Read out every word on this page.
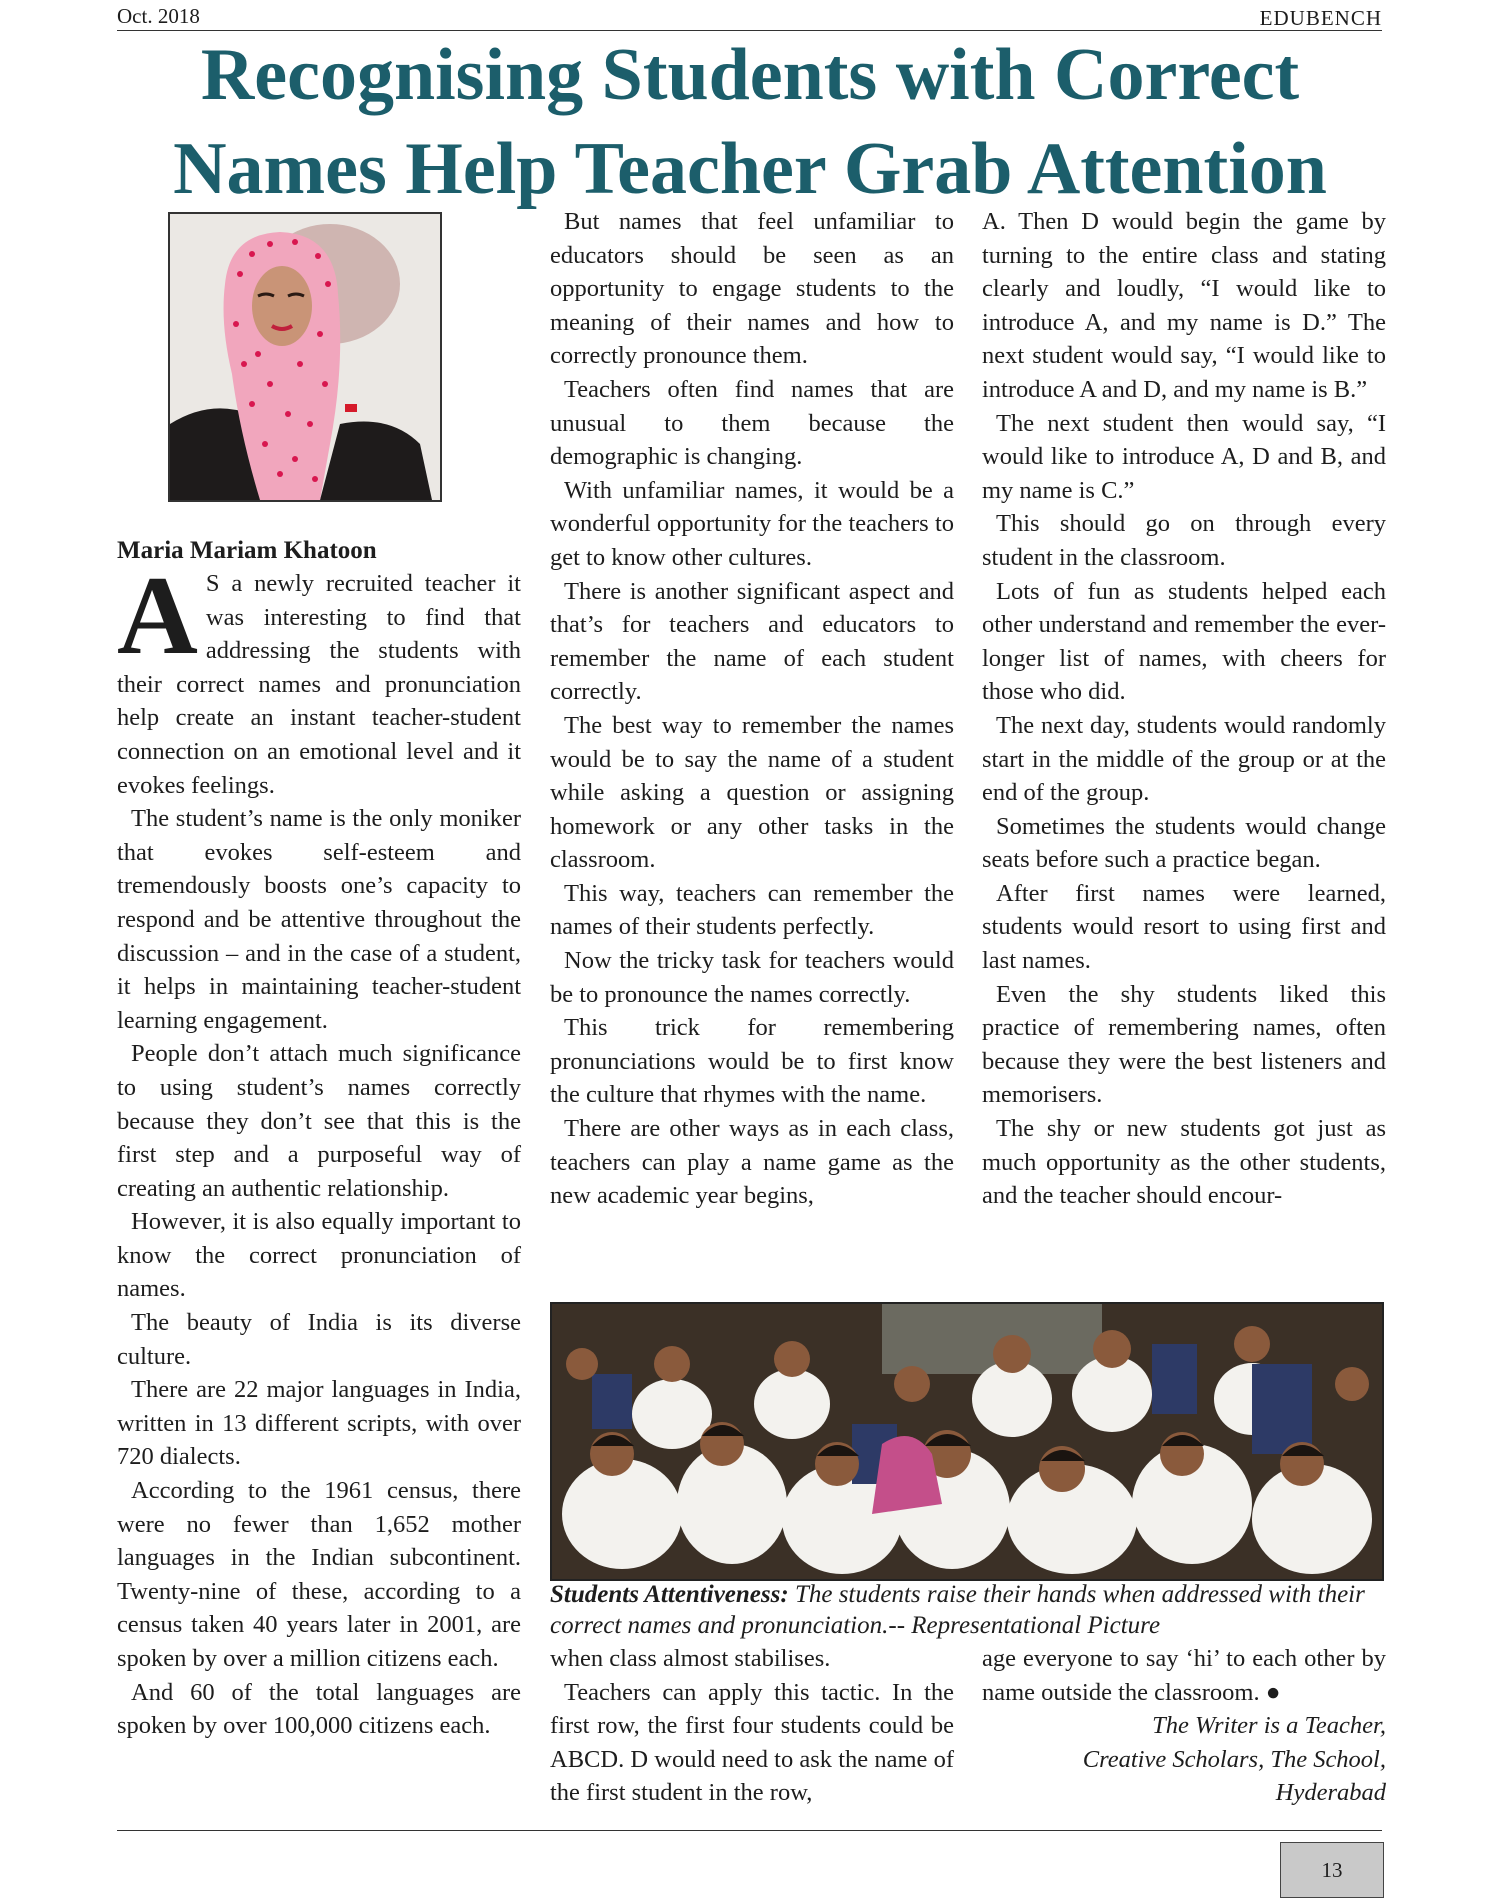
Oct. 2018	EDUBENCH
Recognising Students with Correct Names Help Teacher Grab Attention

Maria Mariam Khatoon

A S a newly recruited teacher it was interesting to find that addressing the students with their correct names and pronunciation help create an instant teacher-student connection on an emotional level and it evokes feelings.

The student’s name is the only moniker that evokes self-esteem and tremendously boosts one’s capacity to respond and be attentive throughout the discussion – and in the case of a student, it helps in maintaining teacher-student learning engagement.

People don’t attach much significance to using student’s names correctly because they don’t see that this is the first step and a purposeful way of creating an authentic relationship.

However, it is also equally important to know the correct pronunciation of names.

The beauty of India is its diverse culture.

There are 22 major languages in India, written in 13 different scripts, with over 720 dialects.

According to the 1961 census, there were no fewer than 1,652 mother languages in the Indian subcontinent. Twenty-nine of these, according to a census taken 40 years later in 2001, are spoken by over a million citizens each.

And 60 of the total languages are spoken by over 100,000 citizens each.

But names that feel unfamiliar to educators should be seen as an opportunity to engage students to the meaning of their names and how to correctly pronounce them.

Teachers often find names that are unusual to them because the demographic is changing.

With unfamiliar names, it would be a wonderful opportunity for the teachers to get to know other cultures.

There is another significant aspect and that’s for teachers and educators to remember the name of each student correctly.

The best way to remember the names would be to say the name of a student while asking a question or assigning homework or any other tasks in the classroom.

This way, teachers can remember the names of their students perfectly.

Now the tricky task for teachers would be to pronounce the names correctly.

This trick for remembering pronunciations would be to first know the culture that rhymes with the name.

There are other ways as in each class, teachers can play a name game as the new academic year begins,

A. Then D would begin the game by turning to the entire class and stating clearly and loudly, “I would like to introduce A, and my name is D.” The next student would say, “I would like to introduce A and D, and my name is B.”

The next student then would say, “I would like to introduce A, D and B, and my name is C.”

This should go on through every student in the classroom.

Lots of fun as students helped each other understand and remember the ever-longer list of names, with cheers for those who did.

The next day, students would randomly start in the middle of the group or at the end of the group.

Sometimes the students would change seats before such a practice began.

After first names were learned, students would resort to using first and last names.

Even the shy students liked this practice of remembering names, often because they were the best listeners and memorisers.

The shy or new students got just as much opportunity as the other students, and the teacher should encour-

Students Attentiveness: The students raise their hands when addressed with their correct names and pronunciation.-- Representational Picture

when class almost stabilises.

Teachers can apply this tactic. In the first row, the first four students could be ABCD. D would need to ask the name of the first student in the row,

age everyone to say ‘hi’ to each other by name outside the classroom. ●

The Writer is a Teacher,

Creative Scholars, The School,

Hyderabad

13
